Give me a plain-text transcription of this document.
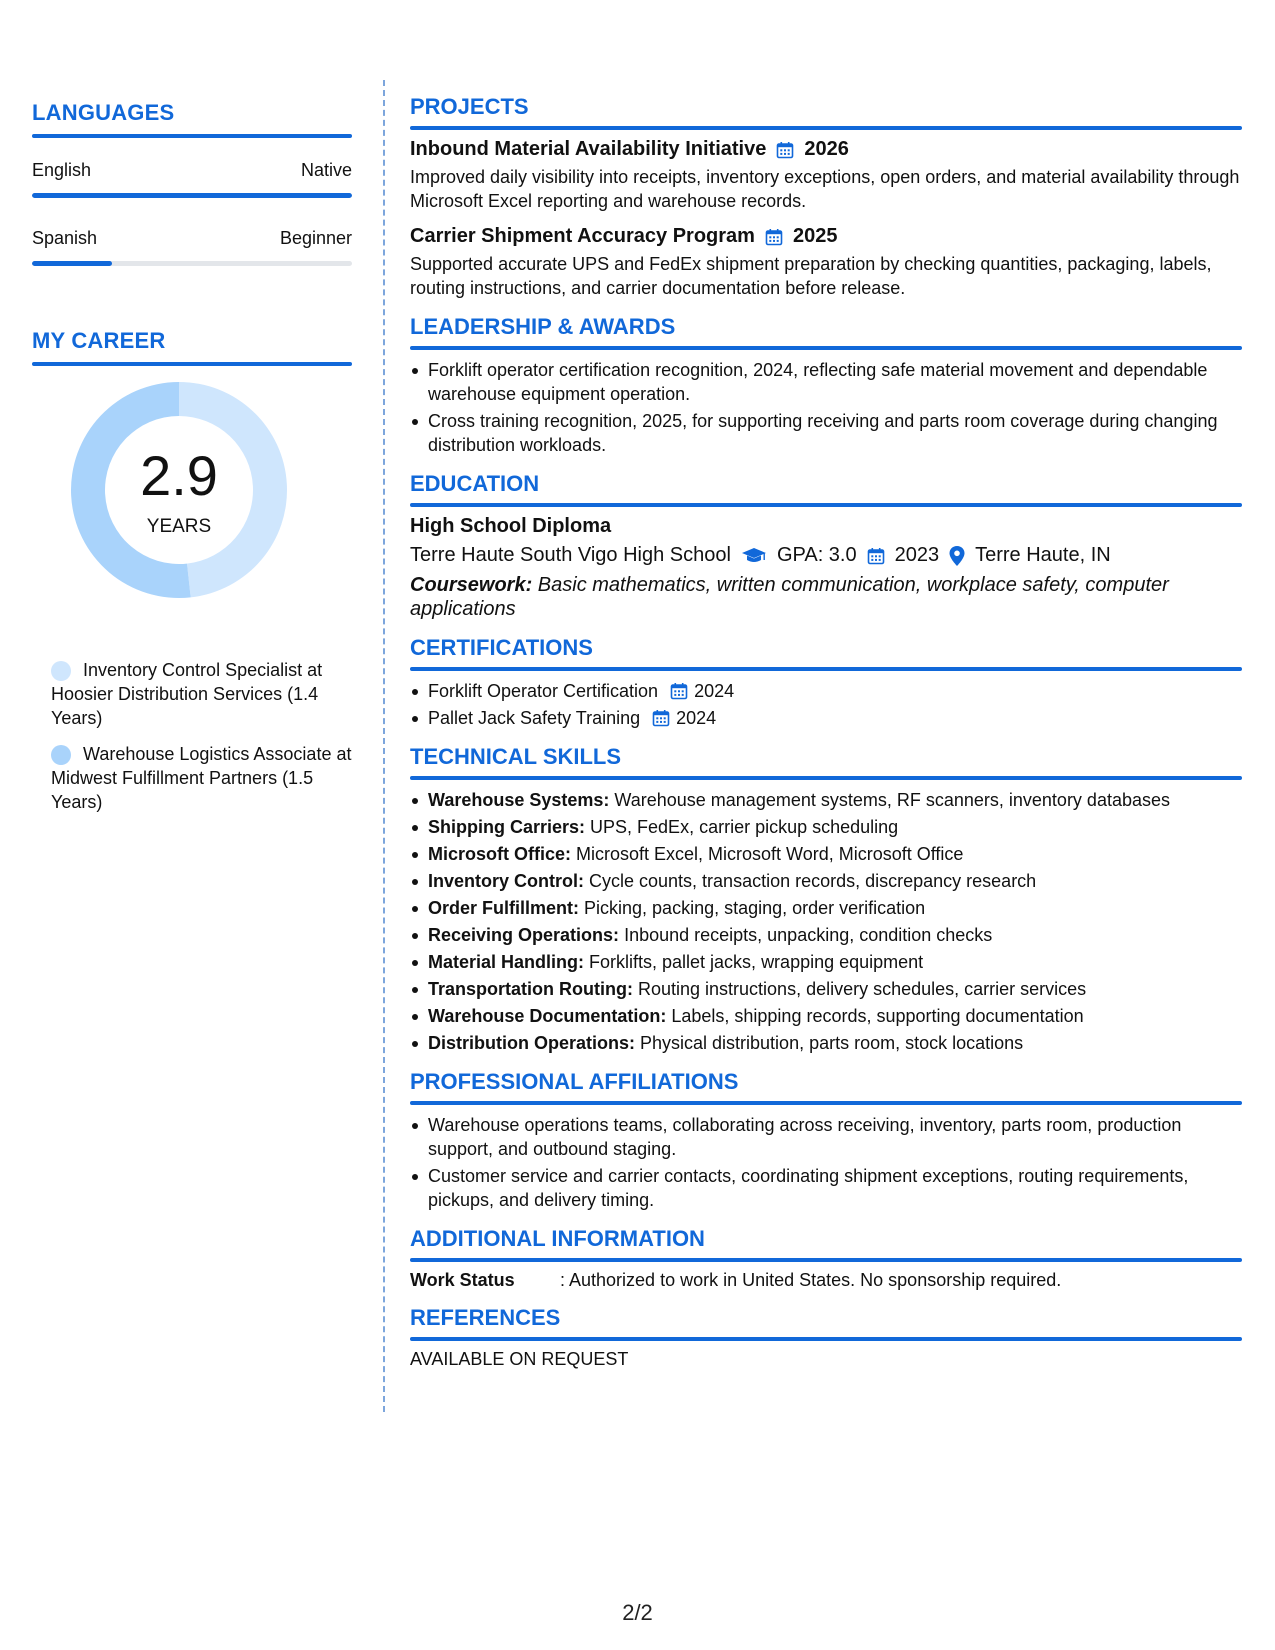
LANGUAGES
English	Native
Spanish	Beginner
MY CAREER
2.9
YEARS
Inventory Control Specialist at Hoosier Distribution Services (1.4 Years)
Warehouse Logistics Associate at Midwest Fulfillment Partners (1.5 Years)
PROJECTS
Inbound Material Availability Initiative 2026
Improved daily visibility into receipts, inventory exceptions, open orders, and material availability through Microsoft Excel reporting and warehouse records.
Carrier Shipment Accuracy Program 2025
Supported accurate UPS and FedEx shipment preparation by checking quantities, packaging, labels, routing instructions, and carrier documentation before release.
LEADERSHIP & AWARDS
Forklift operator certification recognition, 2024, reflecting safe material movement and dependable warehouse equipment operation.
Cross training recognition, 2025, for supporting receiving and parts room coverage during changing distribution workloads.
EDUCATION
High School Diploma
Terre Haute South Vigo High School GPA: 3.0 2023 Terre Haute, IN
Coursework: Basic mathematics, written communication, workplace safety, computer applications
CERTIFICATIONS
Forklift Operator Certification 2024
Pallet Jack Safety Training 2024
TECHNICAL SKILLS
Warehouse Systems: Warehouse management systems, RF scanners, inventory databases
Shipping Carriers: UPS, FedEx, carrier pickup scheduling
Microsoft Office: Microsoft Excel, Microsoft Word, Microsoft Office
Inventory Control: Cycle counts, transaction records, discrepancy research
Order Fulfillment: Picking, packing, staging, order verification
Receiving Operations: Inbound receipts, unpacking, condition checks
Material Handling: Forklifts, pallet jacks, wrapping equipment
Transportation Routing: Routing instructions, delivery schedules, carrier services
Warehouse Documentation: Labels, shipping records, supporting documentation
Distribution Operations: Physical distribution, parts room, stock locations
PROFESSIONAL AFFILIATIONS
Warehouse operations teams, collaborating across receiving, inventory, parts room, production support, and outbound staging.
Customer service and carrier contacts, coordinating shipment exceptions, routing requirements, pickups, and delivery timing.
ADDITIONAL INFORMATION
Work Status	: Authorized to work in United States. No sponsorship required.
REFERENCES
AVAILABLE ON REQUEST
2/2
